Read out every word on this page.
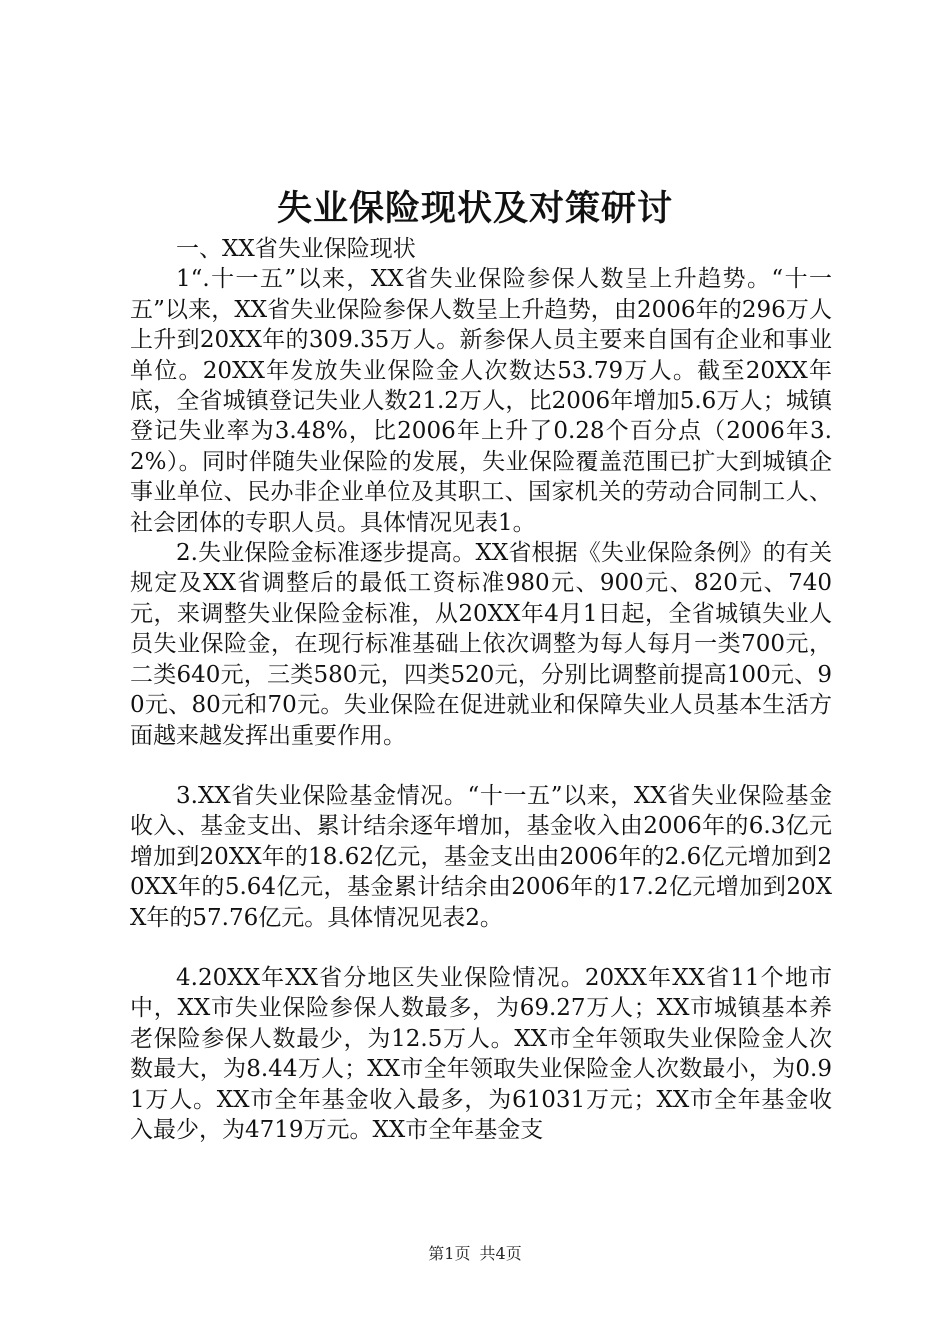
失业保险现状及对策研讨

一、XX省失业保险现状

1“.十一五”以来，XX省失业保险参保人数呈上升趋势。“十一五”以来，XX省失业保险参保人数呈上升趋势，由2006年的296万人上升到20XX年的309.35万人。新参保人员主要来自国有企业和事业单位。20XX年发放失业保险金人次数达53.79万人。截至20XX年底，全省城镇登记失业人数21.2万人，比2006年增加5.6万人；城镇登记失业率为3.48%，比2006年上升了0.28个百分点（2006年3.2%）。同时伴随失业保险的发展，失业保险覆盖范围已扩大到城镇企事业单位、民办非企业单位及其职工、国家机关的劳动合同制工人、社会团体的专职人员。具体情况见表1。

2.失业保险金标准逐步提高。XX省根据《失业保险条例》的有关规定及XX省调整后的最低工资标准980元、900元、820元、740元，来调整失业保险金标准，从20XX年4月1日起，全省城镇失业人员失业保险金，在现行标准基础上依次调整为每人每月一类700元，二类640元，三类580元，四类520元，分别比调整前提高100元、90元、80元和70元。失业保险在促进就业和保障失业人员基本生活方面越来越发挥出重要作用。

3.XX省失业保险基金情况。“十一五”以来，XX省失业保险基金收入、基金支出、累计结余逐年增加，基金收入由2006年的6.3亿元增加到20XX年的18.62亿元，基金支出由2006年的2.6亿元增加到20XX年的5.64亿元，基金累计结余由2006年的17.2亿元增加到20XX年的57.76亿元。具体情况见表2。

4.20XX年XX省分地区失业保险情况。20XX年XX省11个地市中，XX市失业保险参保人数最多，为69.27万人；XX市城镇基本养老保险参保人数最少，为12.5万人。XX市全年领取失业保险金人次数最大，为8.44万人；XX市全年领取失业保险金人次数最小，为0.91万人。XX市全年基金收入最多，为61031万元；XX市全年基金收入最少，为4719万元。XX市全年基金支

第1页 共4页
